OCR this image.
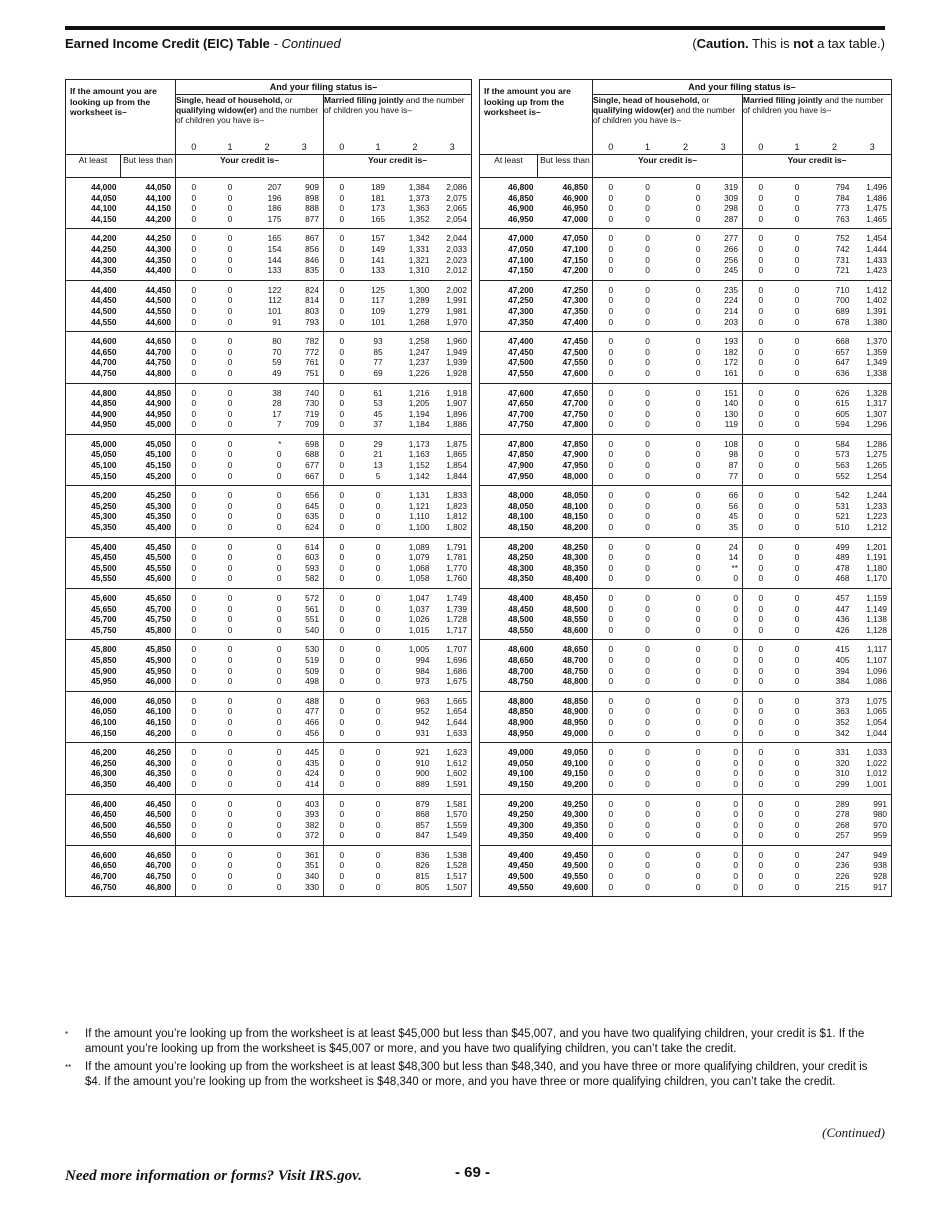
Earned Income Credit (EIC) Table - Continued	(Caution. This is not a tax table.)
If the amount you are looking up from the worksheet is–		And your filing status is–							
		Single, head of household, or qualifying widow(er) and the number of children you have is–				Married filing jointly and the number of children you have is–			
		0	1	2	3	0	1	2	3
At least	But less than	Your credit is–				Your credit is–			
44,000	44,050	0	0	207	909	0	189	1,384	2,086
44,050	44,100	0	0	196	898	0	181	1,373	2,075
44,100	44,150	0	0	186	888	0	173	1,363	2,065
44,150	44,200	0	0	175	877	0	165	1,352	2,054
44,200	44,250	0	0	165	867	0	157	1,342	2,044
44,250	44,300	0	0	154	856	0	149	1,331	2,033
44,300	44,350	0	0	144	846	0	141	1,321	2,023
44,350	44,400	0	0	133	835	0	133	1,310	2,012
44,400	44,450	0	0	122	824	0	125	1,300	2,002
44,450	44,500	0	0	112	814	0	117	1,289	1,991
44,500	44,550	0	0	101	803	0	109	1,279	1,981
44,550	44,600	0	0	91	793	0	101	1,268	1,970
44,600	44,650	0	0	80	782	0	93	1,258	1,960
44,650	44,700	0	0	70	772	0	85	1,247	1,949
44,700	44,750	0	0	59	761	0	77	1,237	1,939
44,750	44,800	0	0	49	751	0	69	1,226	1,928
44,800	44,850	0	0	38	740	0	61	1,216	1,918
44,850	44,900	0	0	28	730	0	53	1,205	1,907
44,900	44,950	0	0	17	719	0	45	1,194	1,896
44,950	45,000	0	0	7	709	0	37	1,184	1,886
45,000	45,050	0	0	*	698	0	29	1,173	1,875
45,050	45,100	0	0	0	688	0	21	1,163	1,865
45,100	45,150	0	0	0	677	0	13	1,152	1,854
45,150	45,200	0	0	0	667	0	5	1,142	1,844
45,200	45,250	0	0	0	656	0	0	1,131	1,833
45,250	45,300	0	0	0	645	0	0	1,121	1,823
45,300	45,350	0	0	0	635	0	0	1,110	1,812
45,350	45,400	0	0	0	624	0	0	1,100	1,802
45,400	45,450	0	0	0	614	0	0	1,089	1,791
45,450	45,500	0	0	0	603	0	0	1,079	1,781
45,500	45,550	0	0	0	593	0	0	1,068	1,770
45,550	45,600	0	0	0	582	0	0	1,058	1,760
45,600	45,650	0	0	0	572	0	0	1,047	1,749
45,650	45,700	0	0	0	561	0	0	1,037	1,739
45,700	45,750	0	0	0	551	0	0	1,026	1,728
45,750	45,800	0	0	0	540	0	0	1,015	1,717
45,800	45,850	0	0	0	530	0	0	1,005	1,707
45,850	45,900	0	0	0	519	0	0	994	1,696
45,900	45,950	0	0	0	509	0	0	984	1,686
45,950	46,000	0	0	0	498	0	0	973	1,675
46,000	46,050	0	0	0	488	0	0	963	1,665
46,050	46,100	0	0	0	477	0	0	952	1,654
46,100	46,150	0	0	0	466	0	0	942	1,644
46,150	46,200	0	0	0	456	0	0	931	1,633
46,200	46,250	0	0	0	445	0	0	921	1,623
46,250	46,300	0	0	0	435	0	0	910	1,612
46,300	46,350	0	0	0	424	0	0	900	1,602
46,350	46,400	0	0	0	414	0	0	889	1,591
46,400	46,450	0	0	0	403	0	0	879	1,581
46,450	46,500	0	0	0	393	0	0	868	1,570
46,500	46,550	0	0	0	382	0	0	857	1,559
46,550	46,600	0	0	0	372	0	0	847	1,549
46,600	46,650	0	0	0	361	0	0	836	1,538
46,650	46,700	0	0	0	351	0	0	826	1,528
46,700	46,750	0	0	0	340	0	0	815	1,517
46,750	46,800	0	0	0	330	0	0	805	1,507
If the amount you are looking up from the worksheet is–		And your filing status is–							
		Single, head of household, or qualifying widow(er) and the number of children you have is–				Married filing jointly and the number of children you have is–			
		0	1	2	3	0	1	2	3
At least	But less than	Your credit is–				Your credit is–			
46,800	46,850	0	0	0	319	0	0	794	1,496
46,850	46,900	0	0	0	309	0	0	784	1,486
46,900	46,950	0	0	0	298	0	0	773	1,475
46,950	47,000	0	0	0	287	0	0	763	1,465
47,000	47,050	0	0	0	277	0	0	752	1,454
47,050	47,100	0	0	0	266	0	0	742	1,444
47,100	47,150	0	0	0	256	0	0	731	1,433
47,150	47,200	0	0	0	245	0	0	721	1,423
47,200	47,250	0	0	0	235	0	0	710	1,412
47,250	47,300	0	0	0	224	0	0	700	1,402
47,300	47,350	0	0	0	214	0	0	689	1,391
47,350	47,400	0	0	0	203	0	0	678	1,380
47,400	47,450	0	0	0	193	0	0	668	1,370
47,450	47,500	0	0	0	182	0	0	657	1,359
47,500	47,550	0	0	0	172	0	0	647	1,349
47,550	47,600	0	0	0	161	0	0	636	1,338
47,600	47,650	0	0	0	151	0	0	626	1,328
47,650	47,700	0	0	0	140	0	0	615	1,317
47,700	47,750	0	0	0	130	0	0	605	1,307
47,750	47,800	0	0	0	119	0	0	594	1,296
47,800	47,850	0	0	0	108	0	0	584	1,286
47,850	47,900	0	0	0	98	0	0	573	1,275
47,900	47,950	0	0	0	87	0	0	563	1,265
47,950	48,000	0	0	0	77	0	0	552	1,254
48,000	48,050	0	0	0	66	0	0	542	1,244
48,050	48,100	0	0	0	56	0	0	531	1,233
48,100	48,150	0	0	0	45	0	0	521	1,223
48,150	48,200	0	0	0	35	0	0	510	1,212
48,200	48,250	0	0	0	24	0	0	499	1,201
48,250	48,300	0	0	0	14	0	0	489	1,191
48,300	48,350	0	0	0	**	0	0	478	1,180
48,350	48,400	0	0	0	0	0	0	468	1,170
48,400	48,450	0	0	0	0	0	0	457	1,159
48,450	48,500	0	0	0	0	0	0	447	1,149
48,500	48,550	0	0	0	0	0	0	436	1,138
48,550	48,600	0	0	0	0	0	0	426	1,128
48,600	48,650	0	0	0	0	0	0	415	1,117
48,650	48,700	0	0	0	0	0	0	405	1,107
48,700	48,750	0	0	0	0	0	0	394	1,096
48,750	48,800	0	0	0	0	0	0	384	1,086
48,800	48,850	0	0	0	0	0	0	373	1,075
48,850	48,900	0	0	0	0	0	0	363	1,065
48,900	48,950	0	0	0	0	0	0	352	1,054
48,950	49,000	0	0	0	0	0	0	342	1,044
49,000	49,050	0	0	0	0	0	0	331	1,033
49,050	49,100	0	0	0	0	0	0	320	1,022
49,100	49,150	0	0	0	0	0	0	310	1,012
49,150	49,200	0	0	0	0	0	0	299	1,001
49,200	49,250	0	0	0	0	0	0	289	991
49,250	49,300	0	0	0	0	0	0	278	980
49,300	49,350	0	0	0	0	0	0	268	970
49,350	49,400	0	0	0	0	0	0	257	959
49,400	49,450	0	0	0	0	0	0	247	949
49,450	49,500	0	0	0	0	0	0	236	938
49,500	49,550	0	0	0	0	0	0	226	928
49,550	49,600	0	0	0	0	0	0	215	917
* If the amount you’re looking up from the worksheet is at least $45,000 but less than $45,007, and you have two qualifying children, your credit is $1. If the amount you’re looking up from the worksheet is $45,007 or more, and you have two qualifying children, you can’t take the credit.
** If the amount you’re looking up from the worksheet is at least $48,300 but less than $48,340, and you have three or more qualifying children, your credit is $4. If the amount you’re looking up from the worksheet is $48,340 or more, and you have three or more qualifying children, you can’t take the credit.
(Continued)
Need more information or forms? Visit IRS.gov.	- 69 -
